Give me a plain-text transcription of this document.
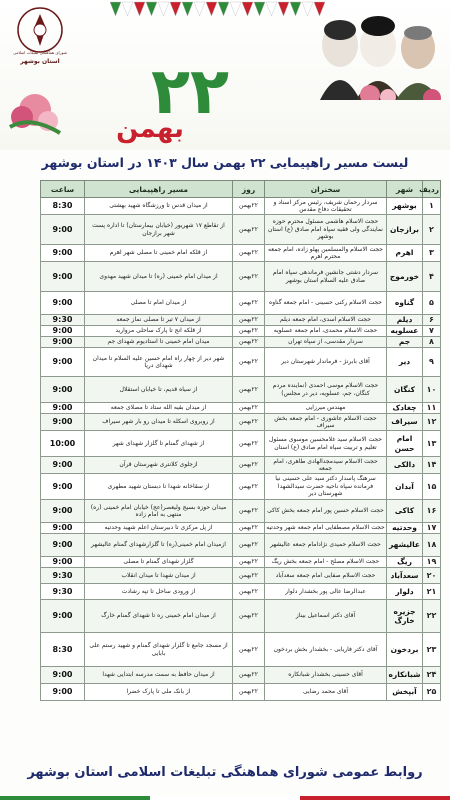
شورای هماهنگی تبلیغات اسلامی
استان بوشهر	۲۲
بهمن
لیست مسیر راهپیمایی ۲۲ بهمن سال ۱۴۰۳ در استان بوشهر
ردیف	شهر	سخنران	روز	مسیر راهپیمایی	ساعت
۱	بوشهر	سردار رحمان شریف، رئیس مرکز اسناد و تحقیقات دفاع مقدس	۲۲بهمن	از میدان قدس تا ورزشگاه شهید بهشتی	8:30
۲	برازجان	حجت الاسلام هاشمی مسئول محترم حوزه نمایندگی ولی فقیه سپاه امام صادق (ع) استان بوشهر	۲۲بهمن	از تقاطع ۱۷ شهریور (خیابان بیمارستان) تا اداره پست شهر برازجان	9:00
۳	اهرم	حجت الاسلام والمسلمین پهلو زاده، امام جمعه محترم اهرم	۲۲بهمن	از قلکه امام خمینی تا مصلی شهر اهرم	9:00
۴	خورموج	سردار دشتی جانشین فرماندهی سپاه امام صادق علیه السلام استان بوشهر	۲۲بهمن	از میدان امام خمینی (ره) تا میدان شهید مهدوی	9:00
۵	گناوه	حجت الاسلام رکنی حسینی - امام جمعه گناوه	۲۲بهمن	از میدان امام تا مصلی	9:00
۶	دیلم	حجت الاسلام اسدی، امام جمعه دیلم	۲۲بهمن	از میدان ۷ تیر تا مصلی نماز جمعه	9:30
۷	عسلویه	حجت الاسلام محمدی، امام جمعه عسلویه	۲۲بهمن	از قلکه انج تا پارک ساحلی مروارید	9:00
۸	جم	سردار مقدسی، از سپاه تهران	۲۲بهمن	میدان امام خمینی تا استادیوم شهدای جم	9:00
۹	دیر	آقای بابرنژ - فرماندار شهرستان دیر	۲۲بهمن	شهر دیر از چهار راه امام حسین علیه السلام تا میدان شهدای دریا	9:00
۱۰	کنگان	حجت الاسلام موسی احمدی (نماینده مردم کنگان، جم، عسلویه، دیر در مجلس)	۲۲بهمن	از سیاه قدیم، تا خیابان استقلال	9:00
۱۱	چغادک	مهندس میرزایی	۲۲بهمن	از میدان بقیه الله ستاد تا مصلای جمعه	9:00
۱۲	سیراف	حجت الاسلام عاشوری - امام جمعه بخش سیراف	۲۲بهمن	از روبروی اسکله تا میدان رو بار شهر سیراف	9:00
۱۳	امام حسن	حجت الاسلام سید غلامحسین موسوی مسئول تعلیم و تربیت سپاه امام صادق (ع) استان	۲۲بهمن	از شهدای گمنام تا گلزار شهدای شهر	10:00
۱۴	دالکی	حجت الاسلام سیدمجدالهادی طاهری، امام جمعه	۲۲بهمن	ازجلوی کلانتری شهرستان قرآن	9:00
۱۵	آبدان	سرهنگ پاسدار دکتر سید علی حسینی نیا فرمانده سپاه ناحیه حضرت سیدالشهدا شهرستان دیر	۲۲بهمن	از سقاخانه شهدا تا دبستان شهید مطهری	9:00
۱۶	کاکی	حجت الاسلام حسین پور امام جمعه بخش کاکی	۲۲بهمن	میدان حوزه بسیج ولیعصر(عج) خیابان امام خمینی (ره) منتهی به امام زاده	9:00
۱۷	وحدتیه	حجت الاسلام مصطفایی امام جمعه شهر وحدتیه	۲۲بهمن	از پل مرکزی تا دبیرستان اعلم شهید وحدتیه	9:00
۱۸	عالیشهر	حجت الاسلام حمیدی نژادامام جمعه عالیشهر	۲۲بهمن	ازمیدان امام خمینی(ره) تا گلزارشهدای گمنام عالیشهر	9:00
۱۹	ریگ	حجت الاسلام مصلح - امام جمعه بخش ریگ	۲۲بهمن	گلزار شهدای گمنام تا مصلی	9:00
۲۰	سعدآباد	حجت الاسلام صفایی امام جمعه سعدآباد	۲۲بهمن	از میدان شهدا تا میدان انقلاب	9:30
۲۱	دلوار	عبدالرضا عالی پور بخشدار دلوار	۲۲بهمن	از ورودی ساحل تا تپه رشادت	9:30
۲۲	جزیره خارگ	آقای دکتر اسماعیل بیناز	۲۲بهمن	از میدان امام خمینی ره تا شهدای گمنام خارگ	9:00
۲۳	بردخون	آقای دکتر فاریابی - بخشدار بخش بردخون	۲۲بهمن	از مسجد جامع تا گلزار شهدای گمنام و شهید رستم علی بابایی	8:30
۲۴	شبانکاره	آقای حسینی بخشدار شبانکاره	۲۲بهمن	از میدان حافظ به سمت مدرسه ابتدایی شهدا	9:00
۲۵	آبپخش	آقای محمد رضایی	۲۲بهمن	از بانک ملی تا پارک خضرا	9:00
روابط عمومی شورای هماهنگی تبلیغات اسلامی استان بوشهر
